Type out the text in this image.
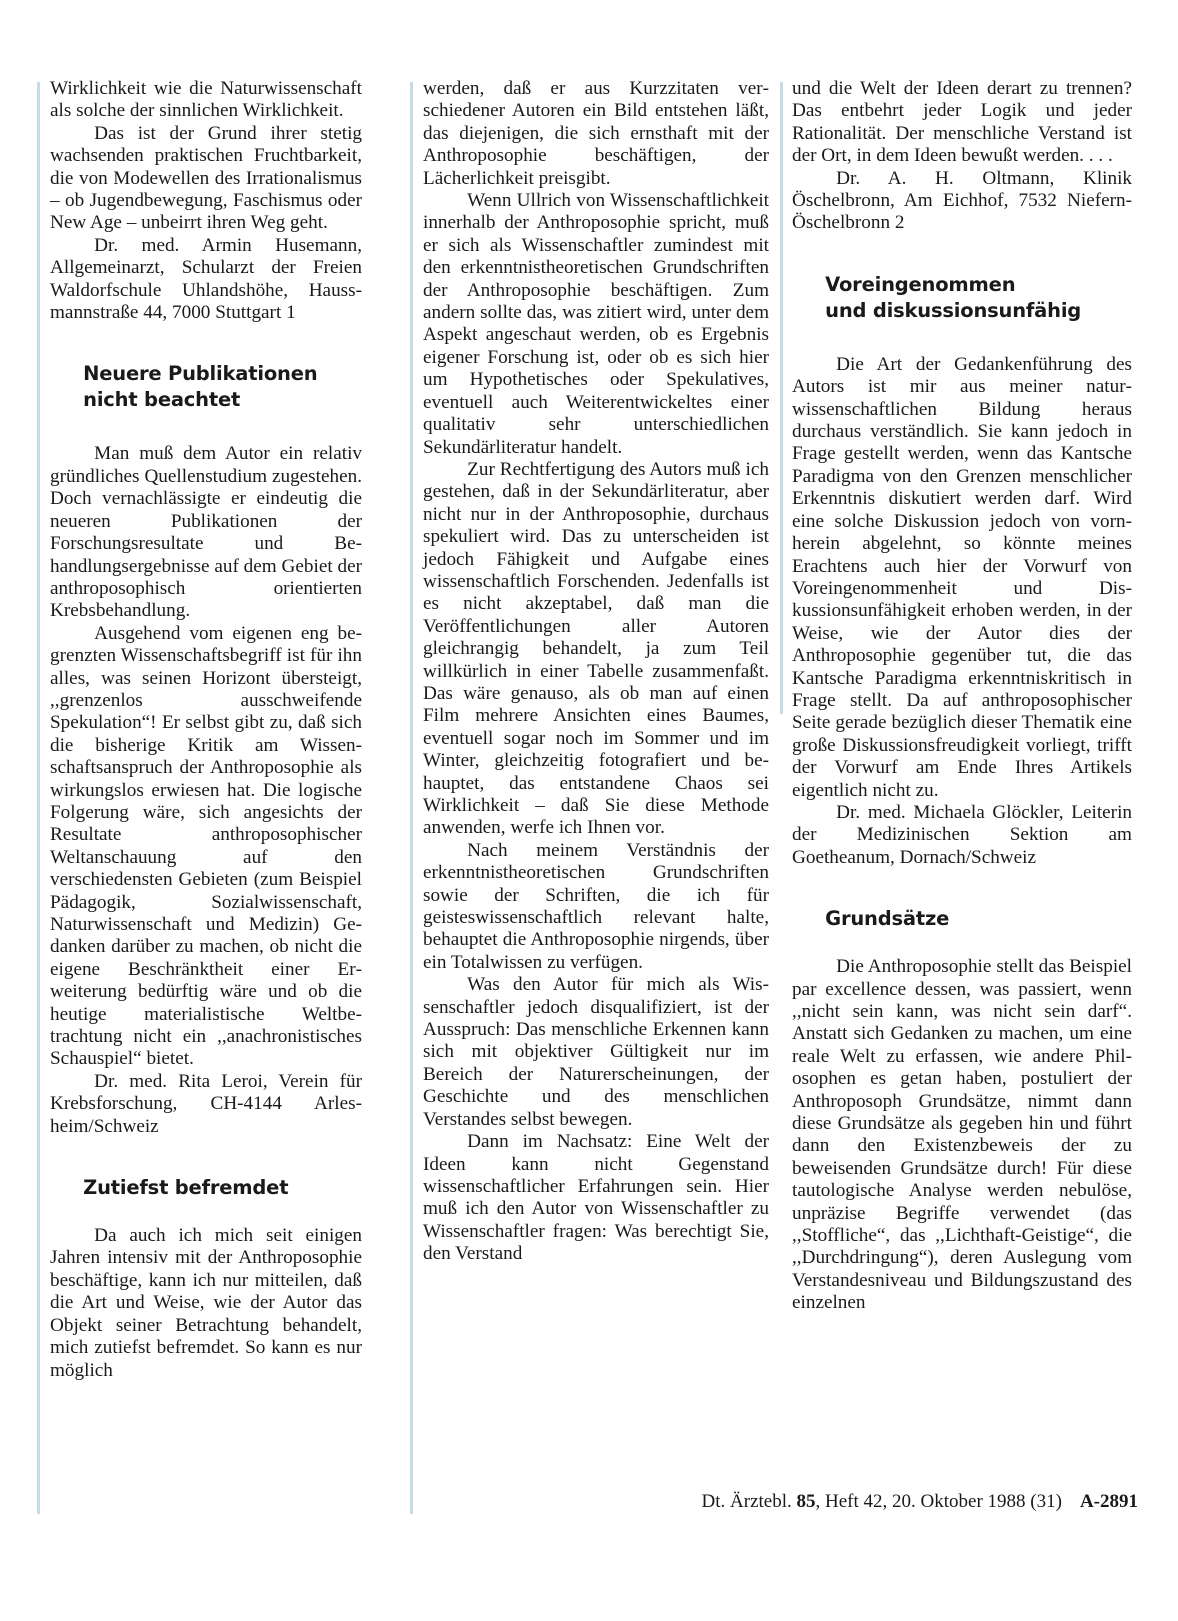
Wirklichkeit wie die Naturwissenschaft als solche der sinnlichen Wirklichkeit.

Das ist der Grund ihrer stetig wachsenden praktischen Fruchtbarkeit, die von Modewellen des Irrationalismus – ob Jugendbewegung, Faschismus oder New Age – unbeirrt ihren Weg geht.

Dr. med. Armin Husemann, Allgemeinarzt, Schularzt der Freien Waldorfschule Uhlandshöhe, Haussmannstraße 44, 7000 Stuttgart 1

Neuere Publikationen
nicht beachtet

Man muß dem Autor ein relativ gründliches Quellenstudium zugestehen. Doch vernachlässigte er eindeutig die neueren Publikationen der Forschungsresultate und Behandlungsergebnisse auf dem Gebiet der anthroposophisch orientierten Krebsbehandlung.

Ausgehend vom eigenen eng begrenzten Wissenschaftsbegriff ist für ihn alles, was seinen Horizont übersteigt, ,,grenzenlos ausschweifende Spekulation“! Er selbst gibt zu, daß sich die bisherige Kritik am Wissenschaftsanspruch der Anthroposophie als wirkungslos erwiesen hat. Die logische Folgerung wäre, sich angesichts der Resultate anthroposophischer Weltanschauung auf den verschiedensten Gebieten (zum Beispiel Pädagogik, Sozialwissenschaft, Naturwissenschaft und Medizin) Gedanken darüber zu machen, ob nicht die eigene Beschränktheit einer Erweiterung bedürftig wäre und ob die heutige materialistische Weltbetrachtung nicht ein ,,anachronistisches Schauspiel“ bietet.

Dr. med. Rita Leroi, Verein für Krebsforschung, CH-4144 Arlesheim/Schweiz

Zutiefst befremdet

Da auch ich mich seit einigen Jahren intensiv mit der Anthroposophie beschäftige, kann ich nur mitteilen, daß die Art und Weise, wie der Autor das Objekt seiner Betrachtung behandelt, mich zutiefst befremdet. So kann es nur möglich

werden, daß er aus Kurzzitaten verschiedener Autoren ein Bild entstehen läßt, das diejenigen, die sich ernsthaft mit der Anthroposophie beschäftigen, der Lächerlichkeit preisgibt.

Wenn Ullrich von Wissenschaftlichkeit innerhalb der Anthroposophie spricht, muß er sich als Wissenschaftler zumindest mit den erkenntnistheoretischen Grundschriften der Anthroposophie beschäftigen. Zum andern sollte das, was zitiert wird, unter dem Aspekt angeschaut werden, ob es Ergebnis eigener Forschung ist, oder ob es sich hier um Hypothetisches oder Spekulatives, eventuell auch Weiterentwickeltes einer qualitativ sehr unterschiedlichen Sekundärliteratur handelt.

Zur Rechtfertigung des Autors muß ich gestehen, daß in der Sekundärliteratur, aber nicht nur in der Anthroposophie, durchaus spekuliert wird. Das zu unterscheiden ist jedoch Fähigkeit und Aufgabe eines wissenschaftlich Forschenden. Jedenfalls ist es nicht akzeptabel, daß man die Veröffentlichungen aller Autoren gleichrangig behandelt, ja zum Teil willkürlich in einer Tabelle zusammenfaßt. Das wäre genauso, als ob man auf einen Film mehrere Ansichten eines Baumes, eventuell sogar noch im Sommer und im Winter, gleichzeitig fotografiert und behauptet, das entstandene Chaos sei Wirklichkeit – daß Sie diese Methode anwenden, werfe ich Ihnen vor.

Nach meinem Verständnis der erkenntnistheoretischen Grundschriften sowie der Schriften, die ich für geisteswissenschaftlich relevant halte, behauptet die Anthroposophie nirgends, über ein Totalwissen zu verfügen.

Was den Autor für mich als Wissenschaftler jedoch disqualifiziert, ist der Ausspruch: Das menschliche Erkennen kann sich mit objektiver Gültigkeit nur im Bereich der Naturerscheinungen, der Geschichte und des menschlichen Verstandes selbst bewegen.

Dann im Nachsatz: Eine Welt der Ideen kann nicht Gegenstand wissenschaftlicher Erfahrungen sein. Hier muß ich den Autor von Wissenschaftler zu Wissenschaftler fragen: Was berechtigt Sie, den Verstand

und die Welt der Ideen derart zu trennen? Das entbehrt jeder Logik und jeder Rationalität. Der menschliche Verstand ist der Ort, in dem Ideen bewußt werden. . . .

Dr. A. H. Oltmann, Klinik Öschelbronn, Am Eichhof, 7532 Niefern-Öschelbronn 2

Voreingenommen
und diskussionsunfähig

Die Art der Gedankenführung des Autors ist mir aus meiner naturwissenschaftlichen Bildung heraus durchaus verständlich. Sie kann jedoch in Frage gestellt werden, wenn das Kantsche Paradigma von den Grenzen menschlicher Erkenntnis diskutiert werden darf. Wird eine solche Diskussion jedoch von vornherein abgelehnt, so könnte meines Erachtens auch hier der Vorwurf von Voreingenommenheit und Diskussionsunfähigkeit erhoben werden, in der Weise, wie der Autor dies der Anthroposophie gegenüber tut, die das Kantsche Paradigma erkenntniskritisch in Frage stellt. Da auf anthroposophischer Seite gerade bezüglich dieser Thematik eine große Diskussionsfreudigkeit vorliegt, trifft der Vorwurf am Ende Ihres Artikels eigentlich nicht zu.

Dr. med. Michaela Glöckler, Leiterin der Medizinischen Sektion am Goetheanum, Dornach/Schweiz

Grundsätze

Die Anthroposophie stellt das Beispiel par excellence dessen, was passiert, wenn ,,nicht sein kann, was nicht sein darf“. Anstatt sich Gedanken zu machen, um eine reale Welt zu erfassen, wie andere Philosophen es getan haben, postuliert der Anthroposoph Grundsätze, nimmt dann diese Grundsätze als gegeben hin und führt dann den Existenzbeweis der zu beweisenden Grundsätze durch! Für diese tautologische Analyse werden nebulöse, unpräzise Begriffe verwendet (das ,,Stoffliche“, das ,,Lichthaft-Geistige“, die ,,Durchdringung“), deren Auslegung vom Verstandesniveau und Bildungszustand des einzelnen

Dt. Ärztebl. 85, Heft 42, 20. Oktober 1988 (31) A-2891
